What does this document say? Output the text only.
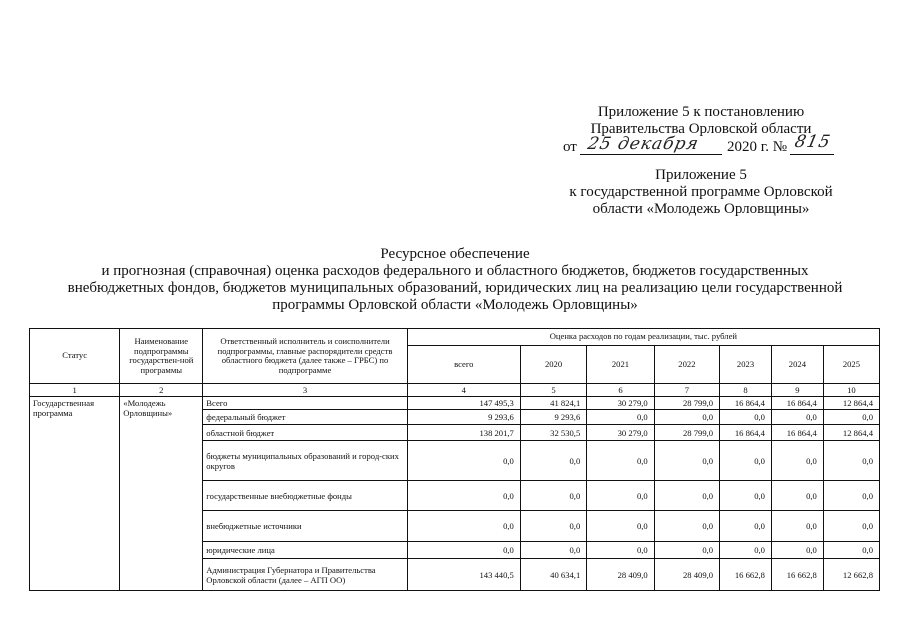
Приложение 5 к постановлению
Правительства Орловской области
от 25 декабря 2020 г. № 815
Приложение 5
к государственной программе Орловской
области «Молодежь Орловщины»
Ресурсное обеспечение
и прогнозная (справочная) оценка расходов федерального и областного бюджетов, бюджетов государственных
внебюджетных фондов, бюджетов муниципальных образований, юридических лиц на реализацию цели государственной
программы Орловской области «Молодежь Орловщины»
Статус	Наименование подпрограммы государствен-ной программы	Ответственный исполнитель и соисполнители подпрограммы, главные распорядители средств областного бюджета (далее также – ГРБС) по подпрограмме	Оценка расходов по годам реализации, тыс. рублей						
			всего	2020	2021	2022	2023	2024	2025
1	2	3	4	5	6	7	8	9	10
Государственная программа	«Молодежь Орловщины»	Всего	147 495,3	41 824,1	30 279,0	28 799,0	16 864,4	16 864,4	12 864,4
		федеральный бюджет	9 293,6	9 293,6	0,0	0,0	0,0	0,0	0,0
		областной бюджет	138 201,7	32 530,5	30 279,0	28 799,0	16 864,4	16 864,4	12 864,4
		бюджеты муниципальных образований и город-ских округов	0,0	0,0	0,0	0,0	0,0	0,0	0,0
		государственные внебюджетные фонды	0,0	0,0	0,0	0,0	0,0	0,0	0,0
		внебюджетные источники	0,0	0,0	0,0	0,0	0,0	0,0	0,0
		юридические лица	0,0	0,0	0,0	0,0	0,0	0,0	0,0
		Администрация Губернатора и Правительства Орловской области (далее – АГП ОО)	143 440,5	40 634,1	28 409,0	28 409,0	16 662,8	16 662,8	12 662,8
